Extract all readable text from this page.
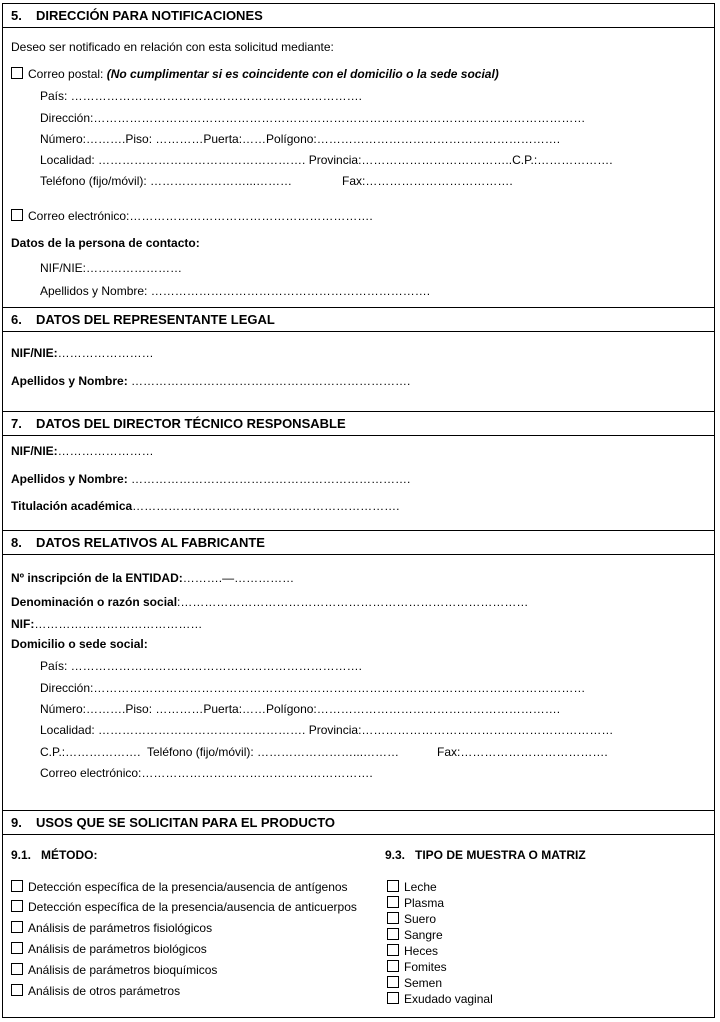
5. DIRECCIÓN PARA NOTIFICACIONES
Deseo ser notificado en relación con esta solicitud mediante:
Correo postal: (No cumplimentar si es coincidente con el domicilio o la sede social)
País: ……………………………………………………………….
Dirección:……………………………………………………………………………………………………………
Número:……….Piso: …………Puerta:……Polígono:…………………………………………………….
Localidad: ……………………………………………. Provincia:………………………………..C.P.:……………….
Teléfono (fijo/móvil): ……………………...………	Fax:……………………………….
Correo electrónico:…………………………………………………….
Datos de la persona de contacto:
NIF/NIE:……………………
Apellidos y Nombre: …………………………………………………………….
6. DATOS DEL REPRESENTANTE LEGAL
NIF/NIE:……………………
Apellidos y Nombre: …………………………………………………………….
7. DATOS DEL DIRECTOR TÉCNICO RESPONSABLE
NIF/NIE:……………………
Apellidos y Nombre: …………………………………………………………….
Titulación académica………………………………………………………….
8. DATOS RELATIVOS AL FABRICANTE
Nº inscripción de la ENTIDAD:……….—……………
Denominación o razón social:……………………………………………………………………………
NIF:……………………………………
Domicilio o sede social:
País: ……………………………………………………………….
Dirección:……………………………………………………………………………………………………………
Número:……….Piso: …………Puerta:……Polígono:…………………………………………………….
Localidad: ……………………………………………. Provincia:………………………………………………………
C.P.:………………. Teléfono (fijo/móvil): ……………………...………	Fax:……………………………….
Correo electrónico:………………………………………………….
9. USOS QUE SE SOLICITAN PARA EL PRODUCTO
9.1. MÉTODO:	9.3. TIPO DE MUESTRA O MATRIZ
Detección específica de la presencia/ausencia de antígenos
Detección específica de la presencia/ausencia de anticuerpos
Análisis de parámetros fisiológicos
Análisis de parámetros biológicos
Análisis de parámetros bioquímicos
Análisis de otros parámetros
Leche
Plasma
Suero
Sangre
Heces
Fomites
Semen
Exudado vaginal
